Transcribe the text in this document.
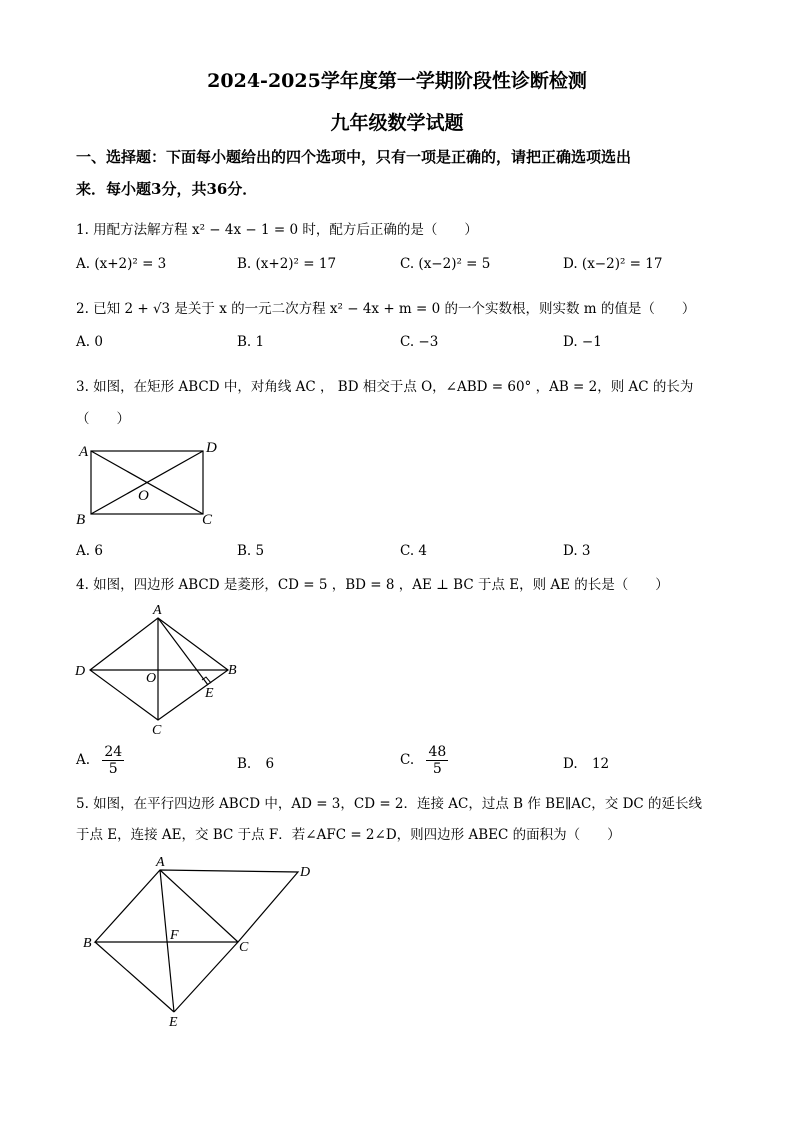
2024-2025学年度第一学期阶段性诊断检测
九年级数学试题
一、选择题：下面每小题给出的四个选项中，只有一项是正确的，请把正确选项选出
来．每小题3分，共36分．
1. 用配方法解方程 x² − 4x − 1 = 0 时，配方后正确的是（　　）
A. (x+2)² = 3	B. (x+2)² = 17	C. (x−2)² = 5	D. (x−2)² = 17
2. 已知 2 + √3 是关于 x 的一元二次方程 x² − 4x + m = 0 的一个实数根，则实数 m 的值是（　　）
A. 0	B. 1	C. −3	D. −1
3. 如图，在矩形 ABCD 中，对角线 AC ， BD 相交于点 O，∠ABD = 60° ，AB = 2，则 AC 的长为
（　　）
A	D
O
B	C
A. 6	B. 5	C. 4	D. 3
4. 如图，四边形 ABCD 是菱形，CD = 5 ，BD = 8 ，AE ⊥ BC 于点 E，则 AE 的长是（　　）
A
D	O
B
E
C
A. $\frac{24}{5}$	B. 6	C. $\frac{48}{5}$	D. 12
5. 如图，在平行四边形 ABCD 中，AD = 3，CD = 2．连接 AC，过点 B 作 BE∥AC，交 DC 的延长线
于点 E，连接 AE，交 BC 于点 F．若∠AFC = 2∠D，则四边形 ABEC 的面积为（　　）
A
D
B
F
C
E
